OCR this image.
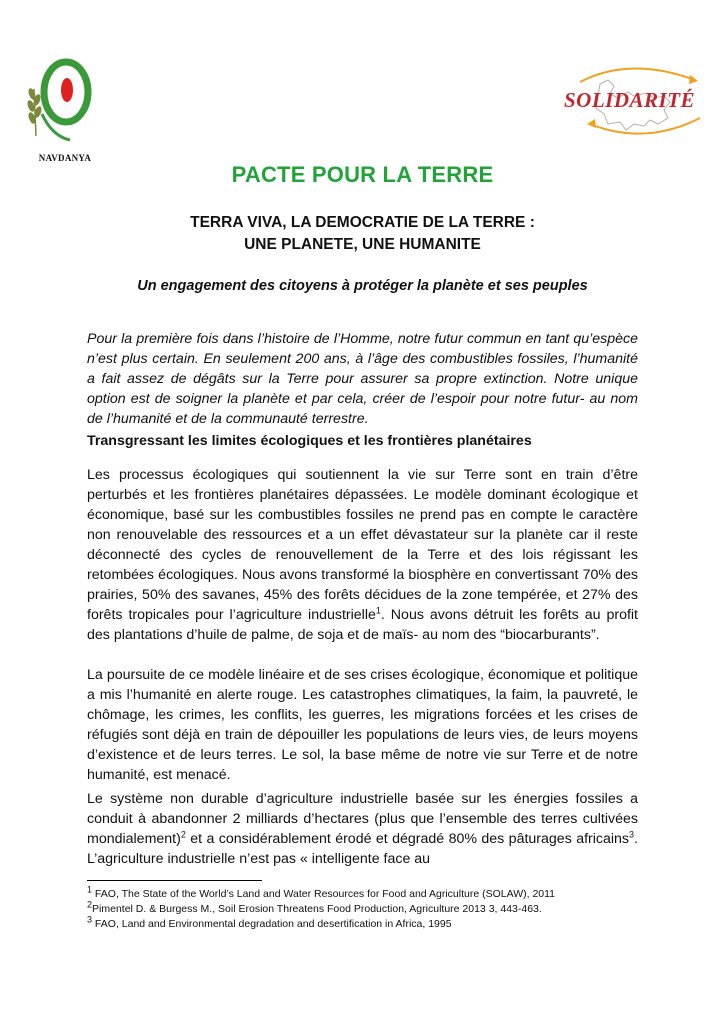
NAVDANYA
SOLIDARITÉ
PACTE POUR LA TERRE
TERRA VIVA, LA DEMOCRATIE DE LA TERRE :
UNE PLANETE, UNE HUMANITE
Un engagement des citoyens à protéger la planète et ses peuples
Pour la première fois dans l’histoire de l’Homme, notre futur commun en tant qu’espèce n’est plus certain. En seulement 200 ans, à l’âge des combustibles fossiles, l’humanité a fait assez de dégâts sur la Terre pour assurer sa propre extinction. Notre unique option est de soigner la planète et par cela, créer de l’espoir pour notre futur- au nom de l’humanité et de la communauté terrestre.
Transgressant les limites écologiques et les frontières planétaires
Les processus écologiques qui soutiennent la vie sur Terre sont en train d’être perturbés et les frontières planétaires dépassées. Le modèle dominant écologique et économique, basé sur les combustibles fossiles ne prend pas en compte le caractère non renouvelable des ressources et a un effet dévastateur sur la planète car il reste déconnecté des cycles de renouvellement de la Terre et des lois régissant les retombées écologiques. Nous avons transformé la biosphère en convertissant 70% des prairies, 50% des savanes, 45% des forêts décidues de la zone tempérée, et 27% des forêts tropicales pour l’agriculture industrielle$^1$. Nous avons détruit les forêts au profit des plantations d’huile de palme, de soja et de maïs- au nom des “biocarburants”.
La poursuite de ce modèle linéaire et de ses crises écologique, économique et politique a mis l’humanité en alerte rouge. Les catastrophes climatiques, la faim, la pauvreté, le chômage, les crimes, les conflits, les guerres, les migrations forcées et les crises de réfugiés sont déjà en train de dépouiller les populations de leurs vies, de leurs moyens d’existence et de leurs terres. Le sol, la base même de notre vie sur Terre et de notre humanité, est menacé.
Le système non durable d’agriculture industrielle basée sur les énergies fossiles a conduit à abandonner 2 milliards d’hectares (plus que l’ensemble des terres cultivées mondialement)$^2$ et a considérablement érodé et dégradé 80% des pâturages africains$^3$. L’agriculture industrielle n’est pas « intelligente face au
$^1$ FAO, The State of the World’s Land and Water Resources for Food and Agriculture (SOLAW), 2011
$^2$Pimentel D. & Burgess M., Soil Erosion Threatens Food Production, Agriculture 2013 3, 443-463.
$^3$ FAO, Land and Environmental degradation and desertification in Africa, 1995
